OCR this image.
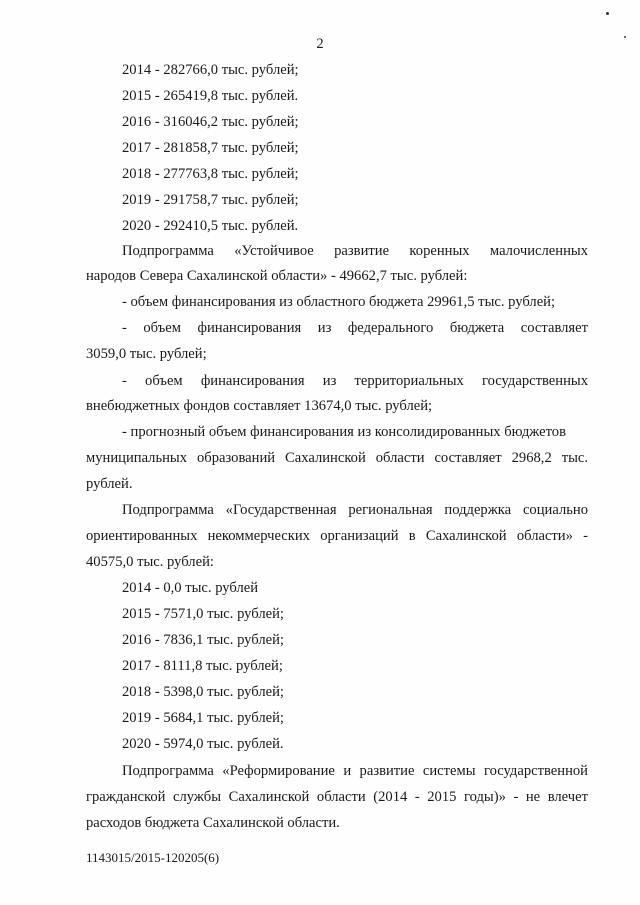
2
2014 - 282766,0 тыс. рублей;
2015 - 265419,8 тыс. рублей.
2016 - 316046,2 тыс. рублей;
2017 - 281858,7 тыс. рублей;
2018 - 277763,8 тыс. рублей;
2019 - 291758,7 тыс. рублей;
2020 - 292410,5 тыс. рублей.
Подпрограмма «Устойчивое развитие коренных малочисленных
народов Севера Сахалинской области» - 49662,7 тыс. рублей:
- объем финансирования из областного бюджета 29961,5 тыс. рублей;
- объем финансирования из федерального бюджета составляет
3059,0 тыс. рублей;
- объем финансирования из территориальных государственных
внебюджетных фондов составляет 13674,0 тыс. рублей;
- прогнозный объем финансирования из консолидированных бюджетов
муниципальных образований Сахалинской области составляет 2968,2 тыс.
рублей.
Подпрограмма «Государственная региональная поддержка социально
ориентированных некоммерческих организаций в Сахалинской области» -
40575,0 тыс. рублей:
2014 - 0,0 тыс. рублей
2015 - 7571,0 тыс. рублей;
2016 - 7836,1 тыс. рублей;
2017 - 8111,8 тыс. рублей;
2018 - 5398,0 тыс. рублей;
2019 - 5684,1 тыс. рублей;
2020 - 5974,0 тыс. рублей.
Подпрограмма «Реформирование и развитие системы государственной
гражданской службы Сахалинской области (2014 - 2015 годы)» - не влечет
расходов бюджета Сахалинской области.
1143015/2015-120205(6)
